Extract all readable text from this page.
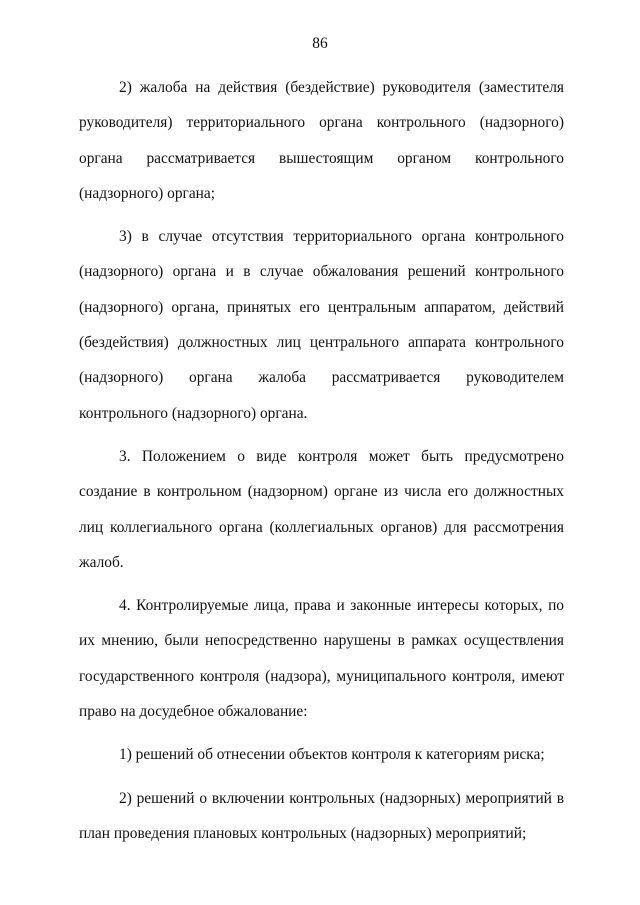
86

2) жалоба на действия (бездействие) руководителя (заместителя руководителя) территориального органа контрольного (надзорного) органа рассматривается вышестоящим органом контрольного (надзорного) органа;

3) в случае отсутствия территориального органа контрольного (надзорного) органа и в случае обжалования решений контрольного (надзорного) органа, принятых его центральным аппаратом, действий (бездействия) должностных лиц центрального аппарата контрольного (надзорного) органа жалоба рассматривается руководителем контрольного (надзорного) органа.

3. Положением о виде контроля может быть предусмотрено создание в контрольном (надзорном) органе из числа его должностных лиц коллегиального органа (коллегиальных органов) для рассмотрения жалоб.

4. Контролируемые лица, права и законные интересы которых, по их мнению, были непосредственно нарушены в рамках осуществления государственного контроля (надзора), муниципального контроля, имеют право на досудебное обжалование:

1) решений об отнесении объектов контроля к категориям риска;

2) решений о включении контрольных (надзорных) мероприятий в план проведения плановых контрольных (надзорных) мероприятий;
